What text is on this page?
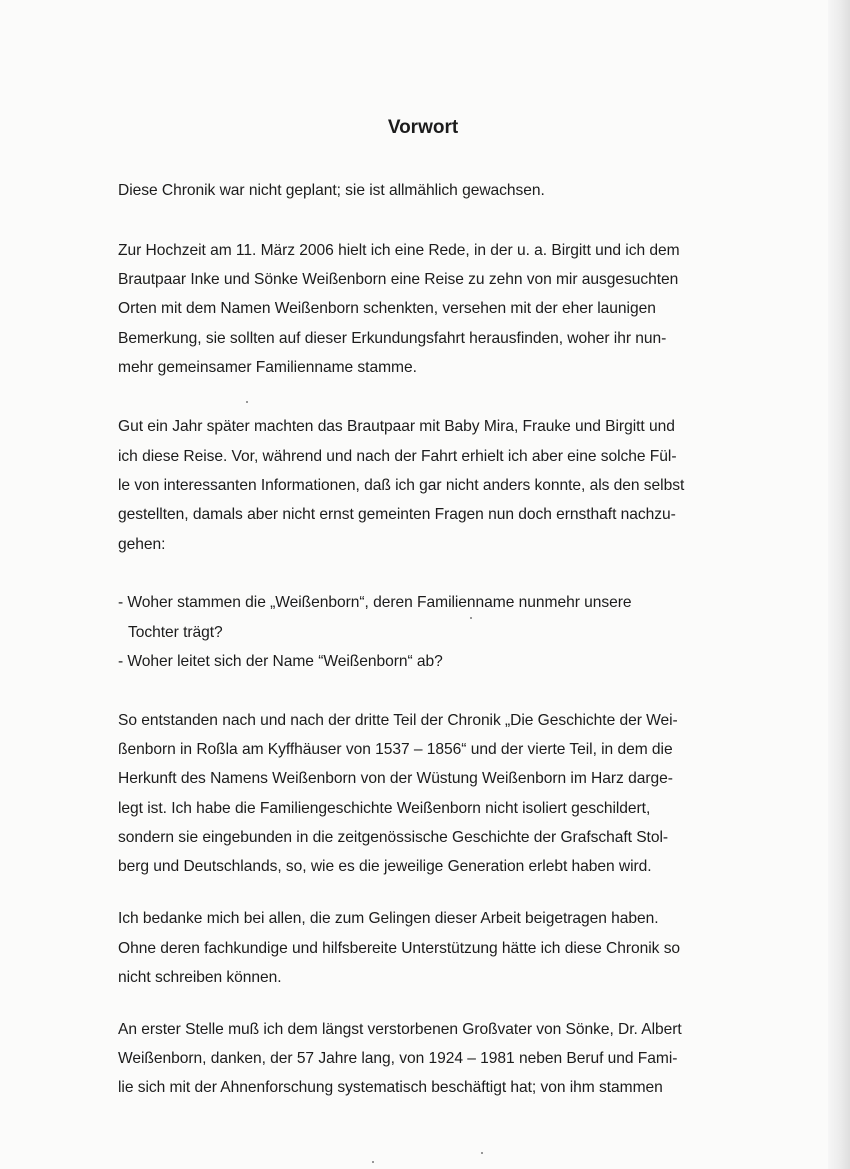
Vorwort
Diese Chronik war nicht geplant; sie ist allmählich gewachsen.
Zur Hochzeit am 11. März 2006 hielt ich eine Rede, in der u. a. Birgitt und ich dem
Brautpaar Inke und Sönke Weißenborn eine Reise zu zehn von mir ausgesuchten
Orten mit dem Namen Weißenborn schenkten, versehen mit der eher launigen
Bemerkung, sie sollten auf dieser Erkundungsfahrt herausfinden, woher ihr nun-
mehr gemeinsamer Familienname stamme.
Gut ein Jahr später machten das Brautpaar mit Baby Mira, Frauke und Birgitt und
ich diese Reise. Vor, während und nach der Fahrt erhielt ich aber eine solche Fül-
le von interessanten Informationen, daß ich gar nicht anders konnte, als den selbst
gestellten, damals aber nicht ernst gemeinten Fragen nun doch ernsthaft nachzu-
gehen:
- Woher stammen die „Weißenborn“, deren Familienname nunmehr unsere
Tochter trägt?
- Woher leitet sich der Name “Weißenborn“ ab?
So entstanden nach und nach der dritte Teil der Chronik „Die Geschichte der Wei-
ßenborn in Roßla am Kyffhäuser von 1537 – 1856“ und der vierte Teil, in dem die
Herkunft des Namens Weißenborn von der Wüstung Weißenborn im Harz darge-
legt ist. Ich habe die Familiengeschichte Weißenborn nicht isoliert geschildert,
sondern sie eingebunden in die zeitgenössische Geschichte der Grafschaft Stol-
berg und Deutschlands, so, wie es die jeweilige Generation erlebt haben wird.
Ich bedanke mich bei allen, die zum Gelingen dieser Arbeit beigetragen haben.
Ohne deren fachkundige und hilfsbereite Unterstützung hätte ich diese Chronik so
nicht schreiben können.
An erster Stelle muß ich dem längst verstorbenen Großvater von Sönke, Dr. Albert
Weißenborn, danken, der 57 Jahre lang, von 1924 – 1981 neben Beruf und Fami-
lie sich mit der Ahnenforschung systematisch beschäftigt hat; von ihm stammen
